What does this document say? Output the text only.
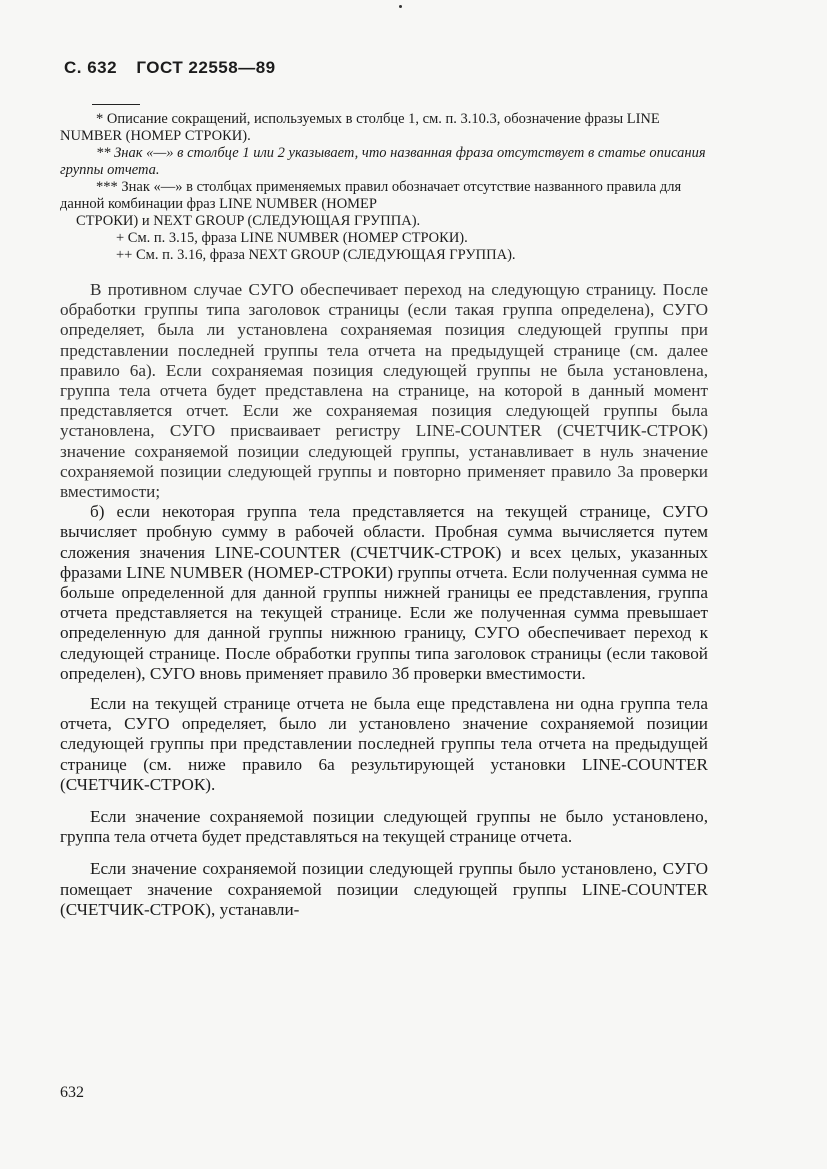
С. 632 ГОСТ 22558—89

* Описание сокращений, используемых в столбце 1, см. п. 3.10.3, обозначение фразы LINE NUMBER (НОМЕР СТРОКИ).

** Знак «—» в столбце 1 или 2 указывает, что названная фраза отсутствует в статье описания группы отчета.

*** Знак «—» в столбцах применяемых правил обозначает отсутствие названного правила для данной комбинации фраз LINE NUMBER (НОМЕР

СТРОКИ) и NEXT GROUP (СЛЕДУЮЩАЯ ГРУППА).

+ См. п. 3.15, фраза LINE NUMBER (НОМЕР СТРОКИ).

++ См. п. 3.16, фраза NEXT GROUP (СЛЕДУЮЩАЯ ГРУППА).

В противном случае СУГО обеспечивает переход на следующую страницу. После обработки группы типа заголовок страницы (если такая группа определена), СУГО определяет, была ли установлена сохраняемая позиция следующей группы при представлении последней группы тела отчета на предыдущей странице (см. далее правило 6а). Если сохраняемая позиция следующей группы не была установлена, группа тела отчета будет представлена на странице, на которой в данный момент представляется отчет. Если же сохраняемая позиция следующей группы была установлена, СУГО присваивает регистру LINE-COUNTER (СЧЕТЧИК-СТРОК) значение сохраняемой позиции следующей группы, устанавливает в нуль значение сохраняемой позиции следующей группы и повторно применяет правило 3а проверки вместимости;

б) если некоторая группа тела представляется на текущей странице, СУГО вычисляет пробную сумму в рабочей области. Пробная сумма вычисляется путем сложения значения LINE-COUNTER (СЧЕТЧИК-СТРОК) и всех целых, указанных фразами LINE NUMBER (НОМЕР-СТРОКИ) группы отчета. Если полученная сумма не больше определенной для данной группы нижней границы ее представления, группа отчета представляется на текущей странице. Если же полученная сумма превышает определенную для данной группы нижнюю границу, СУГО обеспечивает переход к следующей странице. После обработки группы типа заголовок страницы (если таковой определен), СУГО вновь применяет правило 3б проверки вместимости.

Если на текущей странице отчета не была еще представлена ни одна группа тела отчета, СУГО определяет, было ли установлено значение сохраняемой позиции следующей группы при представлении последней группы тела отчета на предыдущей странице (см. ниже правило 6а результирующей установки LINE-COUNTER (СЧЕТЧИК-СТРОК).

Если значение сохраняемой позиции следующей группы не было установлено, группа тела отчета будет представляться на текущей странице отчета.

Если значение сохраняемой позиции следующей группы было установлено, СУГО помещает значение сохраняемой позиции следующей группы LINE-COUNTER (СЧЕТЧИК-СТРОК), устанавли-

632
